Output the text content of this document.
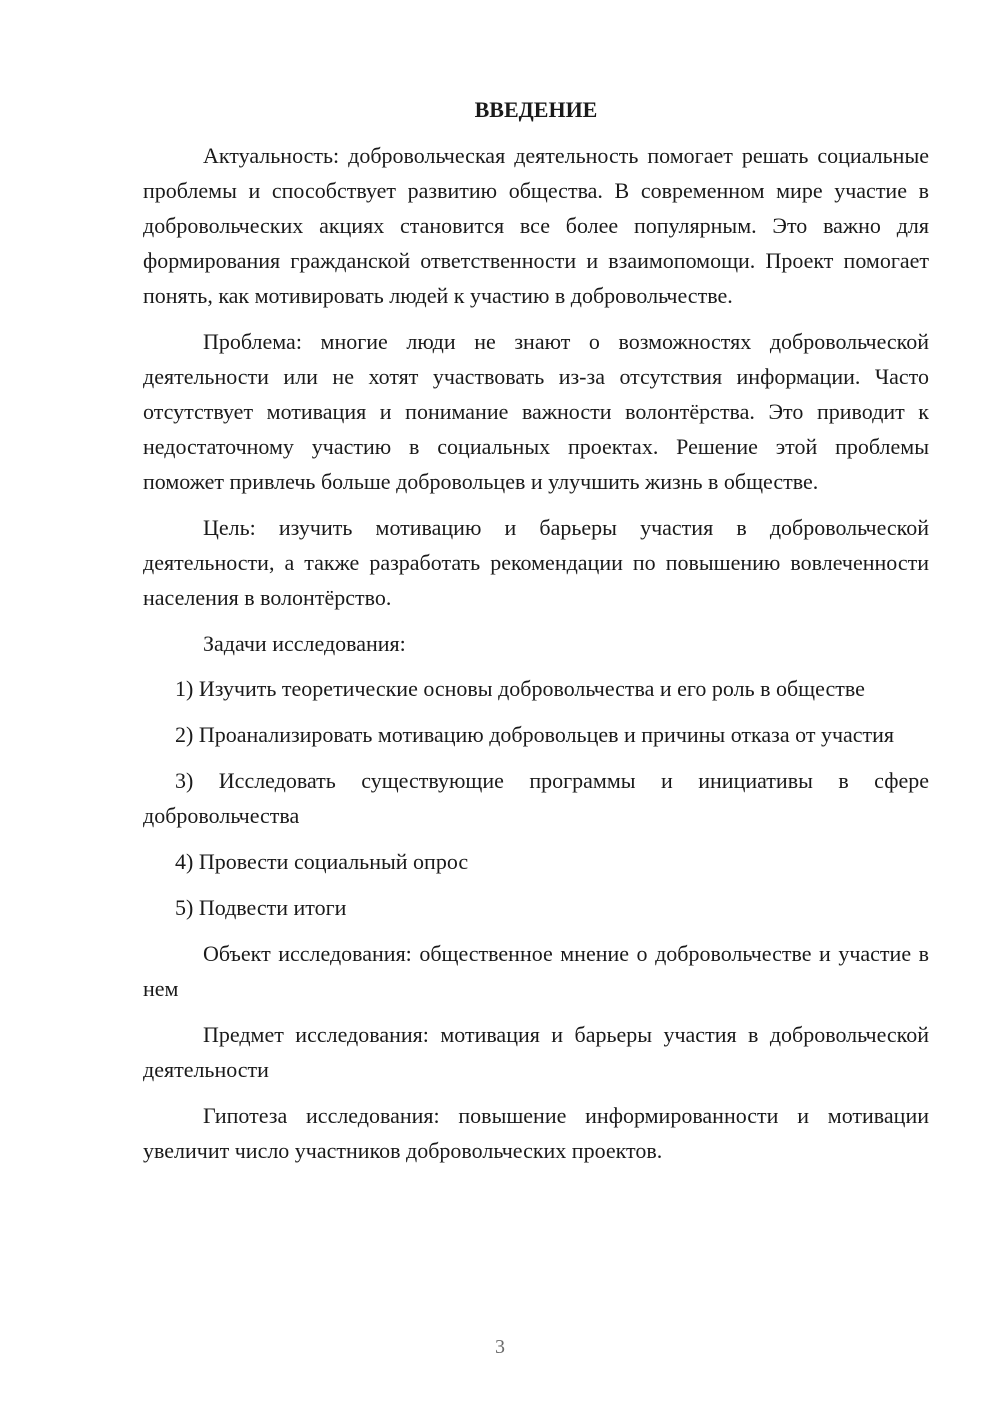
ВВЕДЕНИЕ

Актуальность: добровольческая деятельность помогает решать социальные проблемы и способствует развитию общества. В современном мире участие в добровольческих акциях становится все более популярным. Это важно для формирования гражданской ответственности и взаимопомощи. Проект помогает понять, как мотивировать людей к участию в добровольчестве.

Проблема: многие люди не знают о возможностях добровольческой деятельности или не хотят участвовать из-за отсутствия информации. Часто отсутствует мотивация и понимание важности волонтёрства. Это приводит к недостаточному участию в социальных проектах. Решение этой проблемы поможет привлечь больше добровольцев и улучшить жизнь в обществе.

Цель: изучить мотивацию и барьеры участия в добровольческой деятельности, а также разработать рекомендации по повышению вовлеченности населения в волонтёрство.

Задачи исследования:

1) Изучить теоретические основы добровольчества и его роль в обществе

2) Проанализировать мотивацию добровольцев и причины отказа от участия

3) Исследовать существующие программы и инициативы в сфере добровольчества

4) Провести социальный опрос

5) Подвести итоги

Объект исследования: общественное мнение о добровольчестве и участие в нем

Предмет исследования: мотивация и барьеры участия в добровольческой деятельности

Гипотеза исследования: повышение информированности и мотивации увеличит число участников добровольческих проектов.

3
